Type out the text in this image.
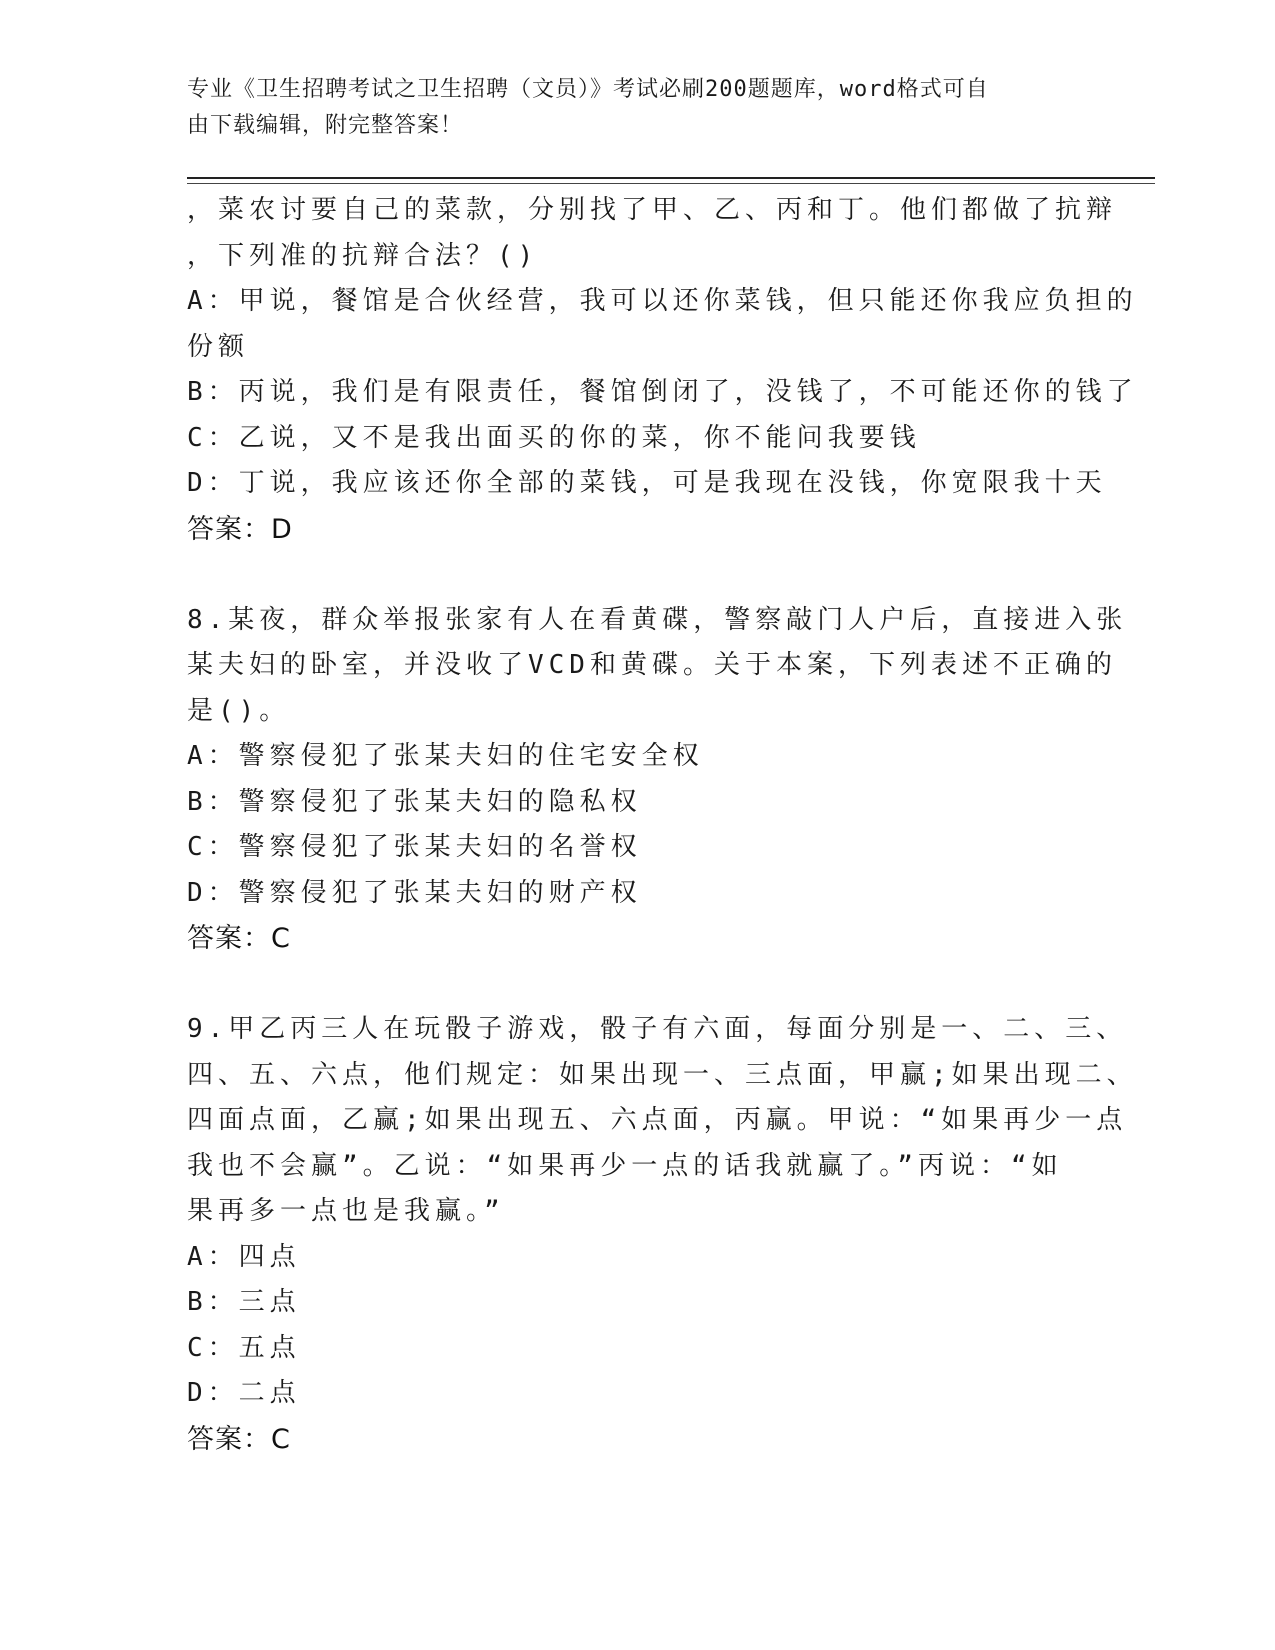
专业《卫生招聘考试之卫生招聘（文员）》考试必刷200题题库，word格式可自
由下载编辑，附完整答案！
，菜农讨要自己的菜款，分别找了甲、乙、丙和丁。他们都做了抗辩
，下列准的抗辩合法？()
A：甲说，餐馆是合伙经营，我可以还你菜钱，但只能还你我应负担的
份额
B：丙说，我们是有限责任，餐馆倒闭了，没钱了，不可能还你的钱了
C：乙说，又不是我出面买的你的菜，你不能问我要钱
D：丁说，我应该还你全部的菜钱，可是我现在没钱，你宽限我十天
答案：D
8.某夜，群众举报张家有人在看黄碟，警察敲门人户后，直接进入张
某夫妇的卧室，并没收了VCD和黄碟。关于本案，下列表述不正确的
是()。
A：警察侵犯了张某夫妇的住宅安全权
B：警察侵犯了张某夫妇的隐私权
C：警察侵犯了张某夫妇的名誉权
D：警察侵犯了张某夫妇的财产权
答案：C
9.甲乙丙三人在玩骰子游戏，骰子有六面，每面分别是一、二、三、
四、五、六点，他们规定：如果出现一、三点面，甲赢;如果出现二、
四面点面，乙赢;如果出现五、六点面，丙赢。甲说：“如果再少一点
我也不会赢”。乙说：“如果再少一点的话我就赢了。”丙说：“如
果再多一点也是我赢。”
A：四点
B：三点
C：五点
D：二点
答案：C
